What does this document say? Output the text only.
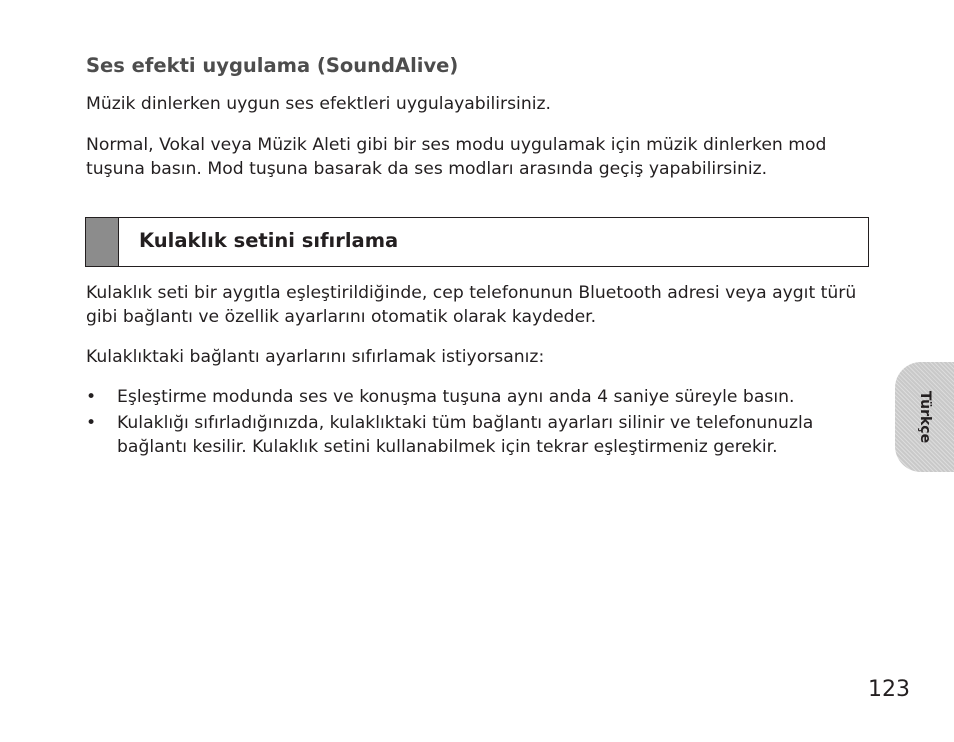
Ses efekti uygulama (SoundAlive)

Müzik dinlerken uygun ses efektleri uygulayabilirsiniz.

Normal, Vokal veya Müzik Aleti gibi bir ses modu uygulamak için müzik dinlerken mod tuşuna basın. Mod tuşuna basarak da ses modları arasında geçiş yapabilirsiniz.

Kulaklık setini sıfırlama

Kulaklık seti bir aygıtla eşleştirildiğinde, cep telefonunun Bluetooth adresi veya aygıt türü gibi bağlantı ve özellik ayarlarını otomatik olarak kaydeder.

Kulaklıktaki bağlantı ayarlarını sıfırlamak istiyorsanız:

• Eşleştirme modunda ses ve konuşma tuşuna aynı anda 4 saniye süreyle basın.
• Kulaklığı sıfırladığınızda, kulaklıktaki tüm bağlantı ayarları silinir ve telefonunuzla bağlantı kesilir. Kulaklık setini kullanabilmek için tekrar eşleştirmeniz gerekir.
Türkçe
123
